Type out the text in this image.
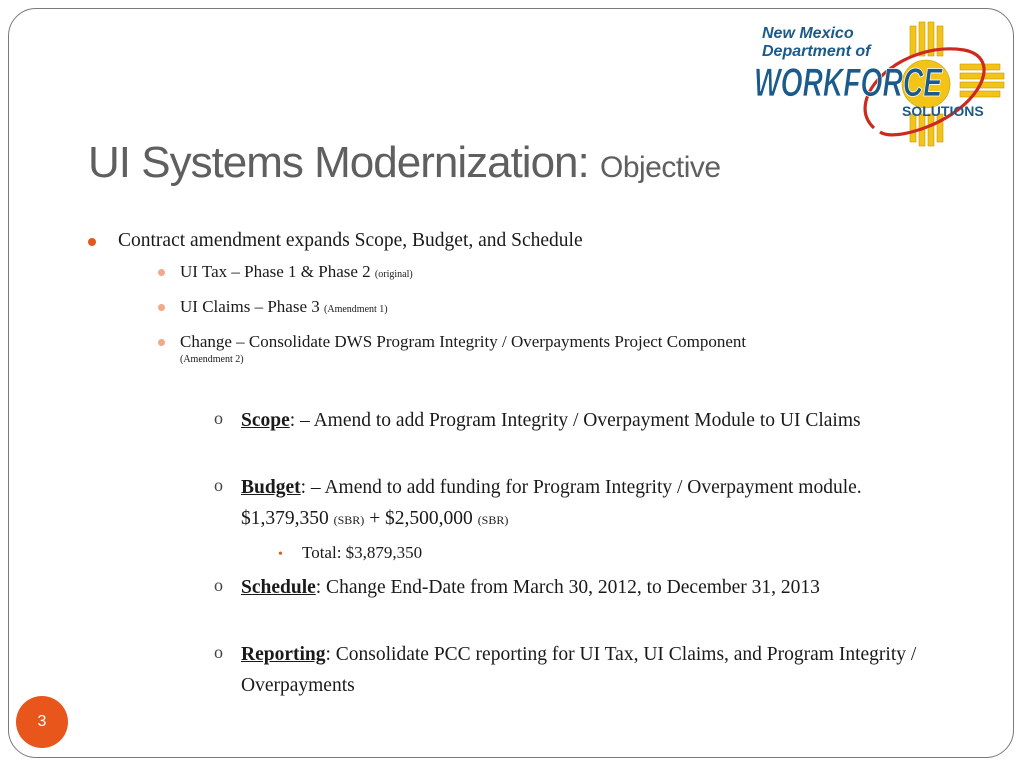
UI Systems Modernization: Objective
New Mexico
Department of
WORKFORCE
SOLUTIONS
Contract amendment expands Scope, Budget, and Schedule
UI Tax – Phase 1 & Phase 2 (original)
UI Claims – Phase 3 (Amendment 1)
Change – Consolidate DWS Program Integrity / Overpayments Project Component
(Amendment 2)
o Scope: – Amend to add Program Integrity / Overpayment Module to UI Claims
o Budget: – Amend to add funding for Program Integrity / Overpayment module. $1,379,350 (SBR) + $2,500,000 (SBR)
• Total: $3,879,350
o Schedule: Change End-Date from March 30, 2012, to December 31, 2013
o Reporting: Consolidate PCC reporting for UI Tax, UI Claims, and Program Integrity / Overpayments
3
